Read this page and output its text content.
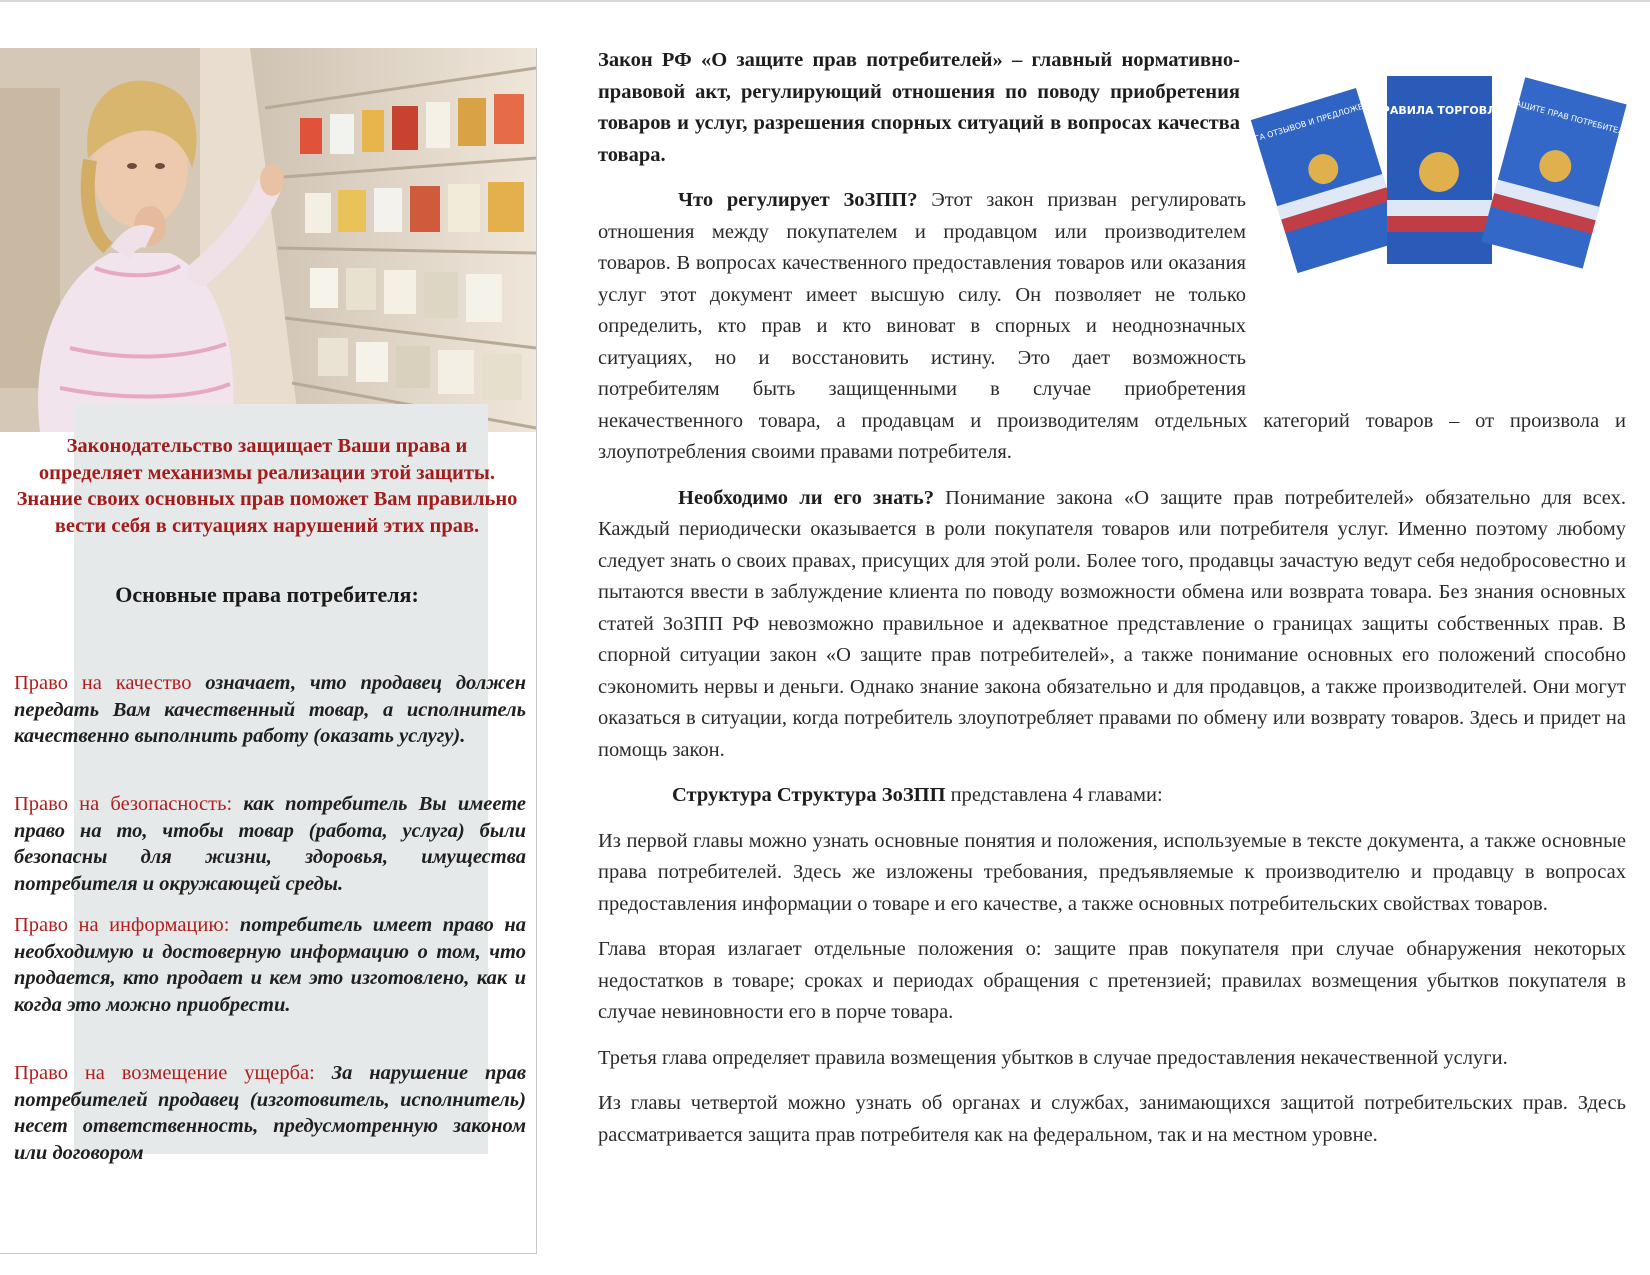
Законодательство защищает Ваши права и определяет механизмы реализации этой защиты. Знание своих основных прав поможет Вам правильно вести себя в ситуациях нарушений этих прав.
Основные права потребителя:
Право на качество означает, что продавец должен передать Вам качественный товар, а исполнитель качественно выполнить работу (оказать услугу).
Право на безопасность: как потребитель Вы имеете право на то, чтобы товар (работа, услуга) были безопасны для жизни, здоровья, имущества потребителя и окружающей среды.
Право на информацию: потребитель имеет право на необходимую и достоверную информацию о том, что продается, кто продает и кем это изготовлено, как и когда это можно приобрести.
Право на возмещение ущерба: За нарушение прав потребителей продавец (изготовитель, исполнитель) несет ответственность, предусмотренную законом или договором
КНИГА ОТЗЫВОВ И ПРЕДЛОЖЕНИЙ
ПРАВИЛА ТОРГОВЛИ
О ЗАЩИТЕ ПРАВ ПОТРЕБИТЕЛЕЙ

Закон РФ «О защите прав потребителей» – главный нормативно-правовой акт, регулирующий отношения по поводу приобретения товаров и услуг, разрешения спорных ситуаций в вопросах качества товара.

Что регулирует ЗоЗПП? Этот закон призван регулировать отношения между покупателем и продавцом или производителем товаров. В вопросах качественного предоставления товаров или оказания услуг этот документ имеет высшую силу. Он позволяет не только определить, кто прав и кто виноват в спорных и неоднозначных ситуациях, но и восстановить истину. Это дает возможность потребителям быть защищенными в случае приобретения некачественного товара, а продавцам и производителям отдельных категорий товаров – от произвола и злоупотребления своими правами потребителя.

Необходимо ли его знать? Понимание закона «О защите прав потребителей» обязательно для всех. Каждый периодически оказывается в роли покупателя товаров или потребителя услуг. Именно поэтому любому следует знать о своих правах, присущих для этой роли. Более того, продавцы зачастую ведут себя недобросовестно и пытаются ввести в заблуждение клиента по поводу возможности обмена или возврата товара. Без знания основных статей ЗоЗПП РФ невозможно правильное и адекватное представление о границах защиты собственных прав. В спорной ситуации закон «О защите прав потребителей», а также понимание основных его положений способно сэкономить нервы и деньги. Однако знание закона обязательно и для продавцов, а также производителей. Они могут оказаться в ситуации, когда потребитель злоупотребляет правами по обмену или возврату товаров. Здесь и придет на помощь закон.

Структура Структура ЗоЗПП представлена 4 главами:

Из первой главы можно узнать основные понятия и положения, используемые в тексте документа, а также основные права потребителей. Здесь же изложены требования, предъявляемые к производителю и продавцу в вопросах предоставления информации о товаре и его качестве, а также основных потребительских свойствах товаров.

Глава вторая излагает отдельные положения о: защите прав покупателя при случае обнаружения некоторых недостатков в товаре; сроках и периодах обращения с претензией; правилах возмещения убытков покупателя в случае невиновности его в порче товара.

Третья глава определяет правила возмещения убытков в случае предоставления некачественной услуги.

Из главы четвертой можно узнать об органах и службах, занимающихся защитой потребительских прав. Здесь рассматривается защита прав потребителя как на федеральном, так и на местном уровне.
